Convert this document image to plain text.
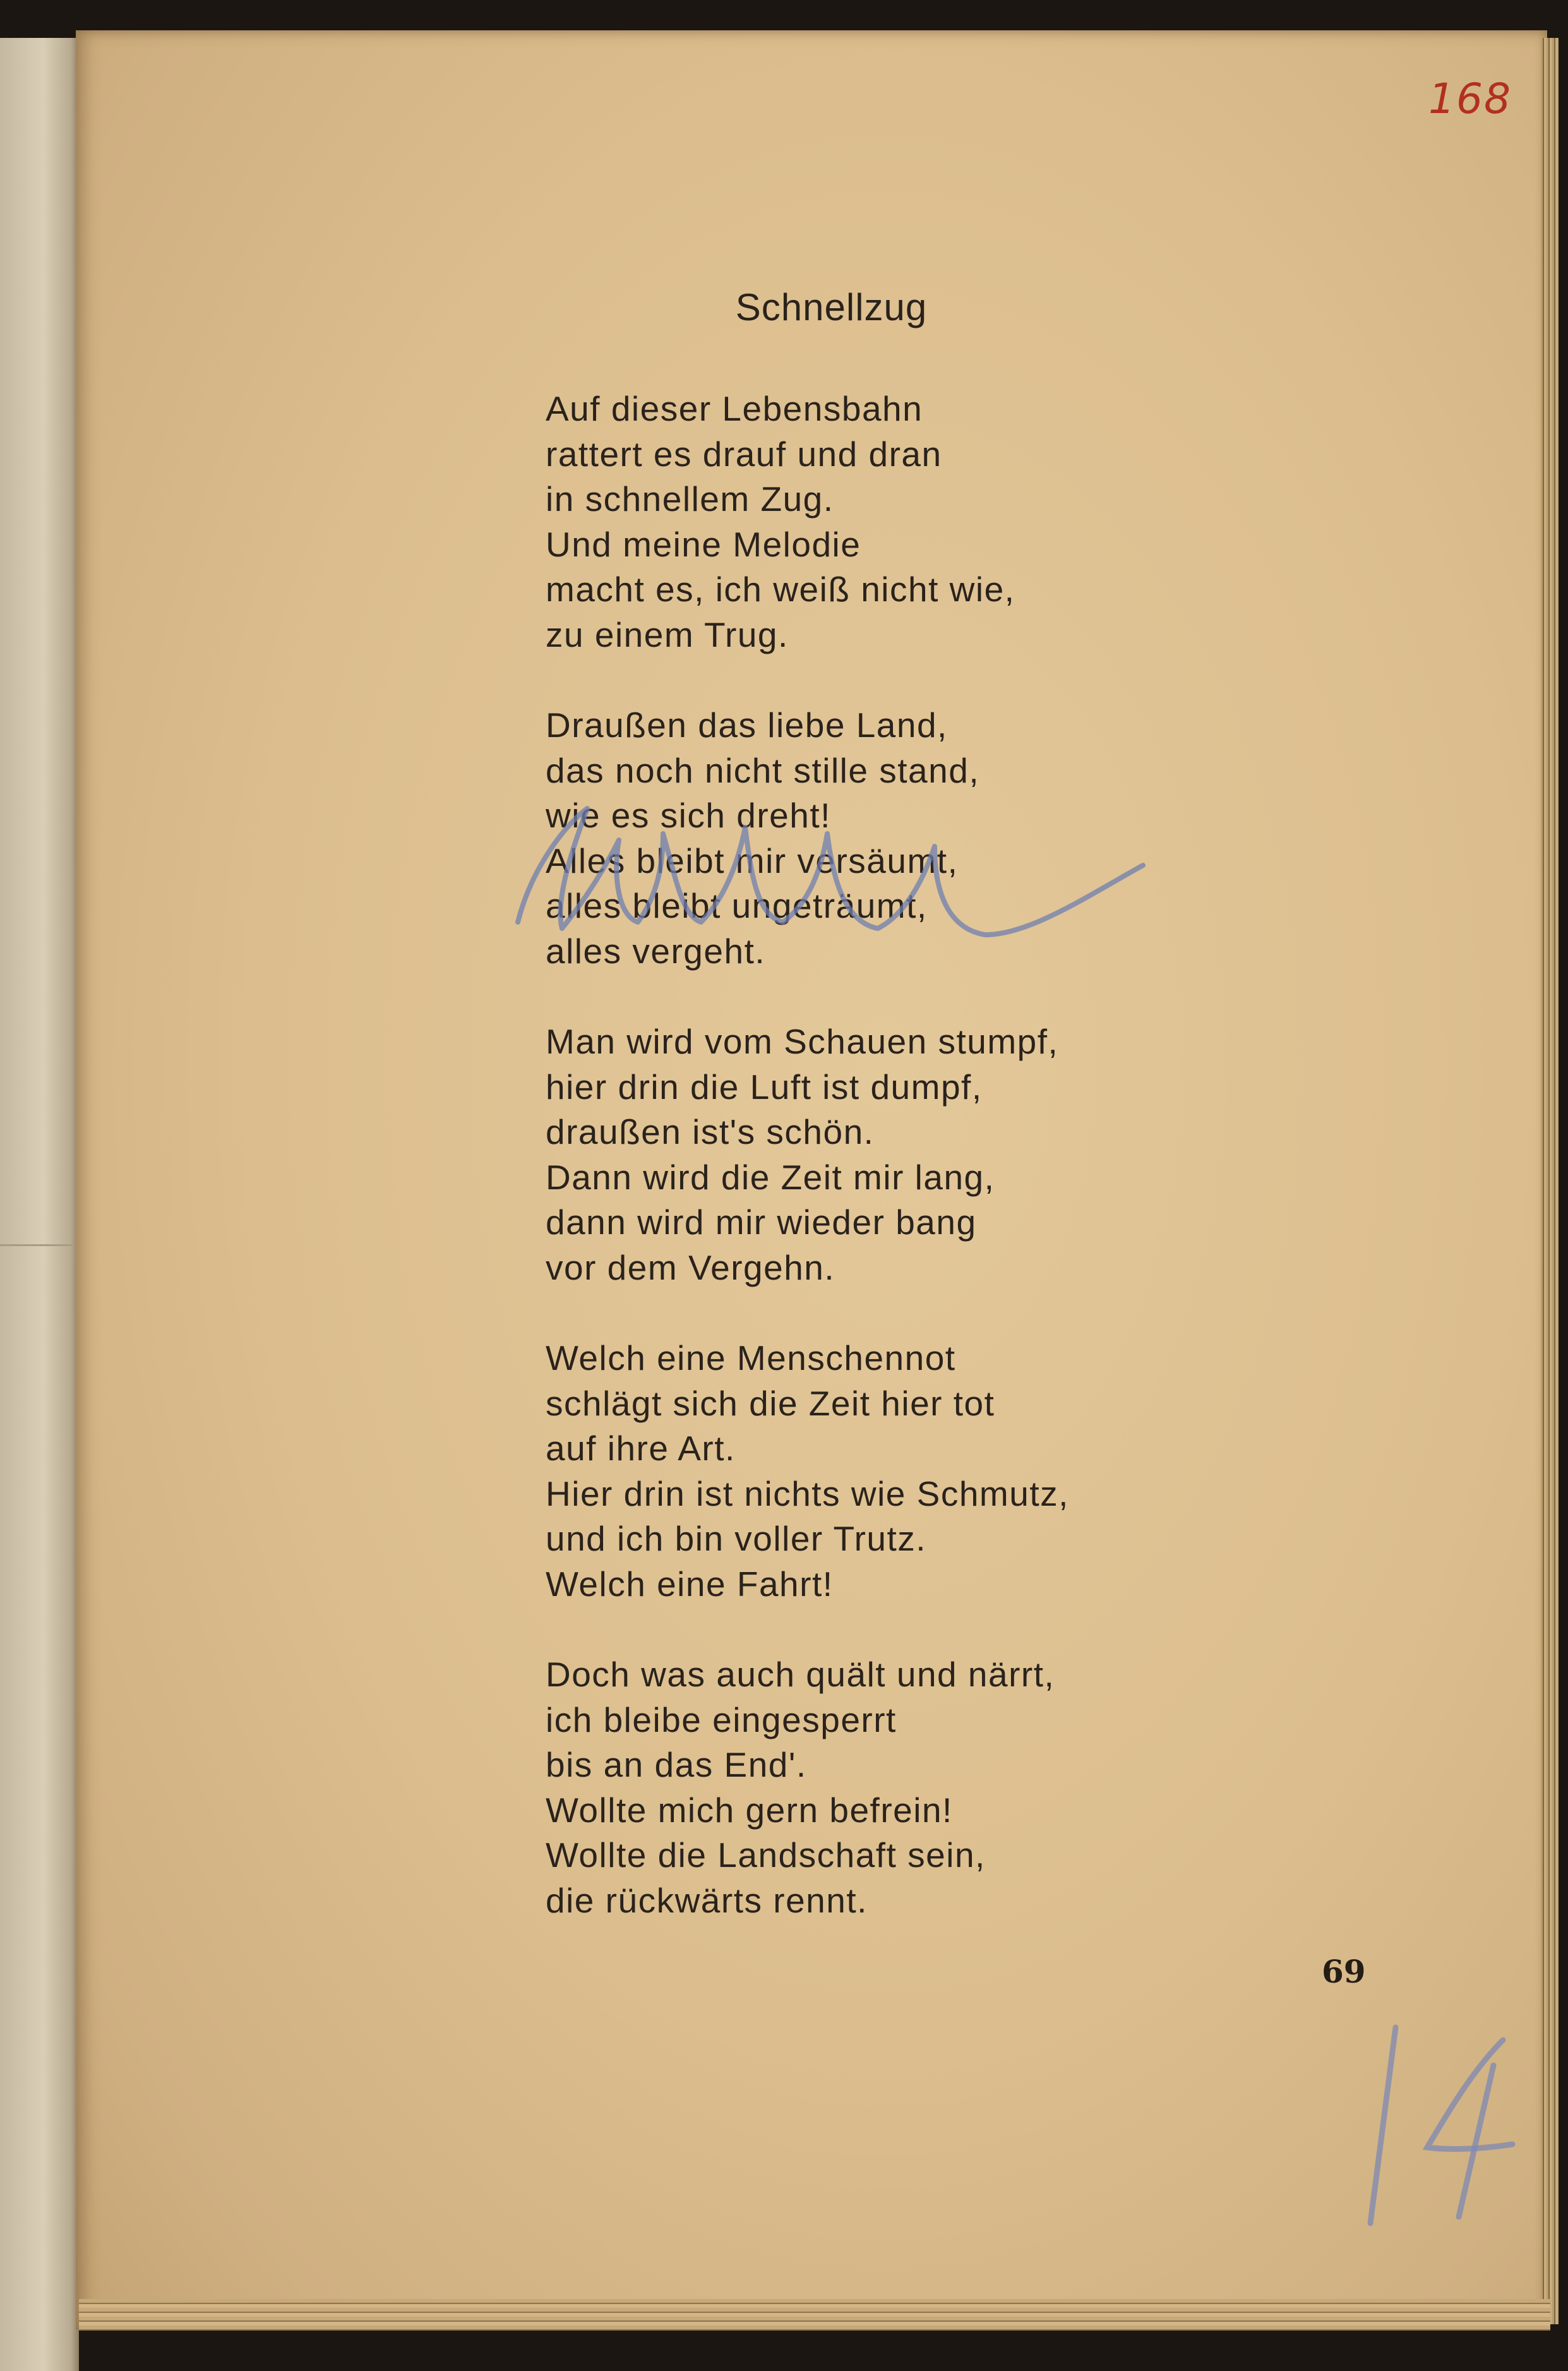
168
Schnellzug
Auf dieser Lebensbahn
rattert es drauf und dran
in schnellem Zug.
Und meine Melodie
macht es, ich weiß nicht wie,
zu einem Trug.
Draußen das liebe Land,
das noch nicht stille stand,
wie es sich dreht!
Alles bleibt mir versäumt,
alles bleibt ungeträumt,
alles vergeht.
Man wird vom Schauen stumpf,
hier drin die Luft ist dumpf,
draußen ist's schön.
Dann wird die Zeit mir lang,
dann wird mir wieder bang
vor dem Vergehn.
Welch eine Menschennot
schlägt sich die Zeit hier tot
auf ihre Art.
Hier drin ist nichts wie Schmutz,
und ich bin voller Trutz.
Welch eine Fahrt!
Doch was auch quält und närrt,
ich bleibe eingesperrt
bis an das End'.
Wollte mich gern befrein!
Wollte die Landschaft sein,
die rückwärts rennt.
69
